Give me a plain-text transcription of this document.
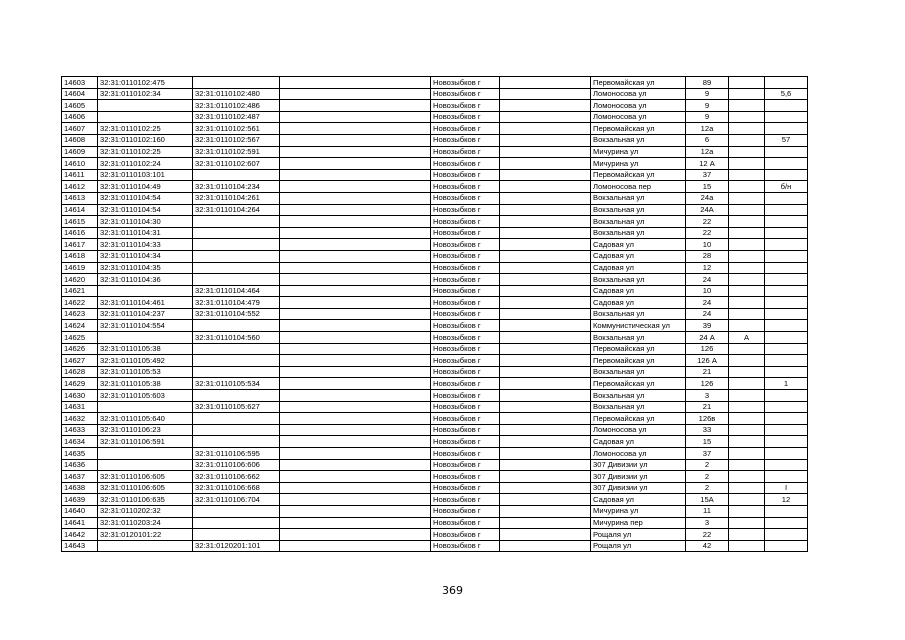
14603	32:31:0110102:475			Новозыбков г		Первомайская ул	89		
14604	32:31:0110102:34	32:31:0110102:480		Новозыбков г		Ломоносова ул	9		5,6
14605		32:31:0110102:486		Новозыбков г		Ломоносова ул	9		
14606		32:31:0110102:487		Новозыбков г		Ломоносова ул	9		
14607	32:31:0110102:25	32:31:0110102:561		Новозыбков г		Первомайская ул	12а		
14608	32:31:0110102:160	32:31:0110102:567		Новозыбков г		Вокзальная ул	6		57
14609	32:31:0110102:25	32:31:0110102:591		Новозыбков г		Мичурина ул	12а		
14610	32:31:0110102:24	32:31:0110102:607		Новозыбков г		Мичурина ул	12 А		
14611	32:31:0110103:101			Новозыбков г		Первомайская ул	37		
14612	32:31:0110104:49	32:31:0110104:234		Новозыбков г		Ломоносова пер	15		б/н
14613	32:31:0110104:54	32:31:0110104:261		Новозыбков г		Вокзальная ул	24а		
14614	32:31:0110104:54	32:31:0110104:264		Новозыбков г		Вокзальная ул	24А		
14615	32:31:0110104:30			Новозыбков г		Вокзальная ул	22		
14616	32:31:0110104:31			Новозыбков г		Вокзальная ул	22		
14617	32:31:0110104:33			Новозыбков г		Садовая ул	10		
14618	32:31:0110104:34			Новозыбков г		Садовая ул	28		
14619	32:31:0110104:35			Новозыбков г		Садовая ул	12		
14620	32:31:0110104:36			Новозыбков г		Вокзальная ул	24		
14621		32:31:0110104:464		Новозыбков г		Садовая ул	10		
14622	32:31:0110104:461	32:31:0110104:479		Новозыбков г		Садовая ул	24		
14623	32:31:0110104:237	32:31:0110104:552		Новозыбков г		Вокзальная ул	24		
14624	32:31:0110104:554			Новозыбков г		Коммунистическая ул	39		
14625		32:31:0110104:560		Новозыбков г		Вокзальная ул	24 А	А	
14626	32:31:0110105:38			Новозыбков г		Первомайская ул	126		
14627	32:31:0110105:492			Новозыбков г		Первомайская ул	126 А		
14628	32:31:0110105:53			Новозыбков г		Вокзальная ул	21		
14629	32:31:0110105:38	32:31:0110105:534		Новозыбков г		Первомайская ул	126		1
14630	32:31:0110105:603			Новозыбков г		Вокзальная ул	3		
14631		32:31:0110105:627		Новозыбков г		Вокзальная ул	21		
14632	32:31:0110105:640			Новозыбков г		Первомайская ул	126в		
14633	32:31:0110106:23			Новозыбков г		Ломоносова ул	33		
14634	32:31:0110106:591			Новозыбков г		Садовая ул	15		
14635		32:31:0110106:595		Новозыбков г		Ломоносова ул	37		
14636		32:31:0110106:606		Новозыбков г		307 Дивизии ул	2		
14637	32:31:0110106:605	32:31:0110106:662		Новозыбков г		307 Дивизии ул	2		
14638	32:31:0110106:605	32:31:0110106:668		Новозыбков г		307 Дивизии ул	2		I
14639	32:31:0110106:635	32:31:0110106:704		Новозыбков г		Садовая ул	15А		12
14640	32:31:0110202:32			Новозыбков г		Мичурина ул	11		
14641	32:31:0110203:24			Новозыбков г		Мичурина пер	3		
14642	32:31:0120101:22			Новозыбков г		Рощаля ул	22		
14643		32:31:0120201:101		Новозыбков г		Рощаля ул	42		
369
